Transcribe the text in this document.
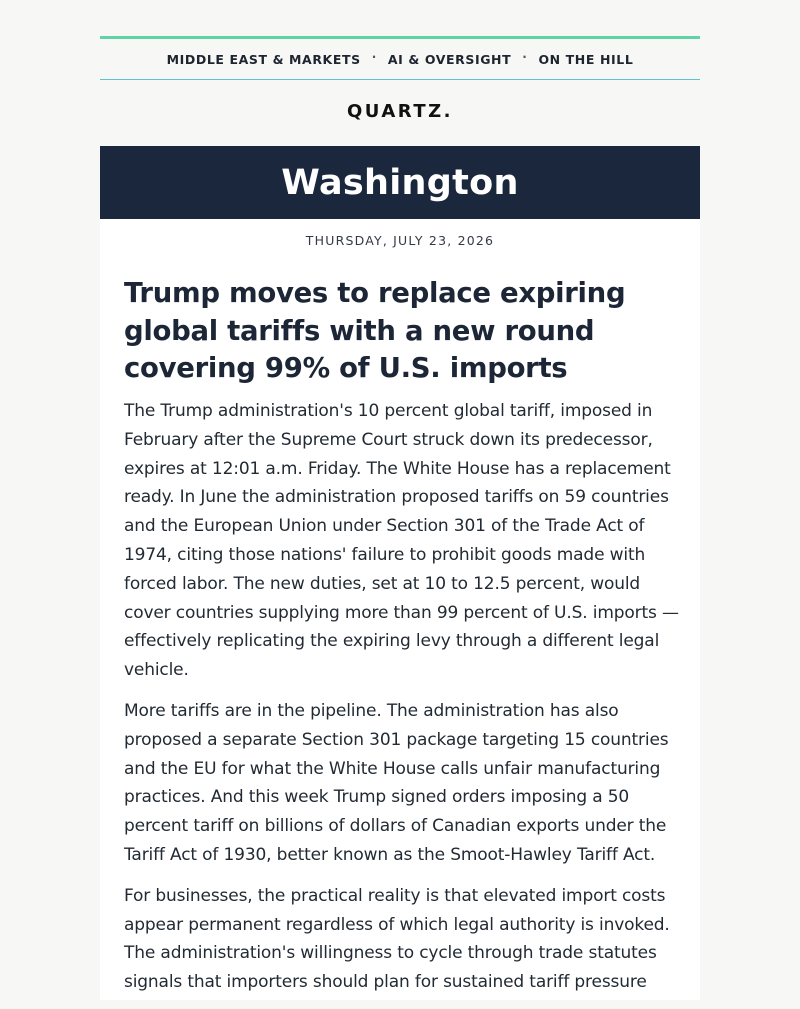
MIDDLE EAST & MARKETS · AI & OVERSIGHT · ON THE HILL
QUARTZ.
Washington
THURSDAY, JULY 23, 2026
Trump moves to replace expiring global tariffs with a new round covering 99% of U.S. imports

The Trump administration's 10 percent global tariff, imposed in February after the Supreme Court struck down its predecessor, expires at 12:01 a.m. Friday. The White House has a replacement ready. In June the administration proposed tariffs on 59 countries and the European Union under Section 301 of the Trade Act of 1974, citing those nations' failure to prohibit goods made with forced labor. The new duties, set at 10 to 12.5 percent, would cover countries supplying more than 99 percent of U.S. imports — effectively replicating the expiring levy through a different legal vehicle.

More tariffs are in the pipeline. The administration has also proposed a separate Section 301 package targeting 15 countries and the EU for what the White House calls unfair manufacturing practices. And this week Trump signed orders imposing a 50 percent tariff on billions of dollars of Canadian exports under the Tariff Act of 1930, better known as the Smoot-Hawley Tariff Act.

For businesses, the practical reality is that elevated import costs appear permanent regardless of which legal authority is invoked. The administration's willingness to cycle through trade statutes signals that importers should plan for sustained tariff pressure
